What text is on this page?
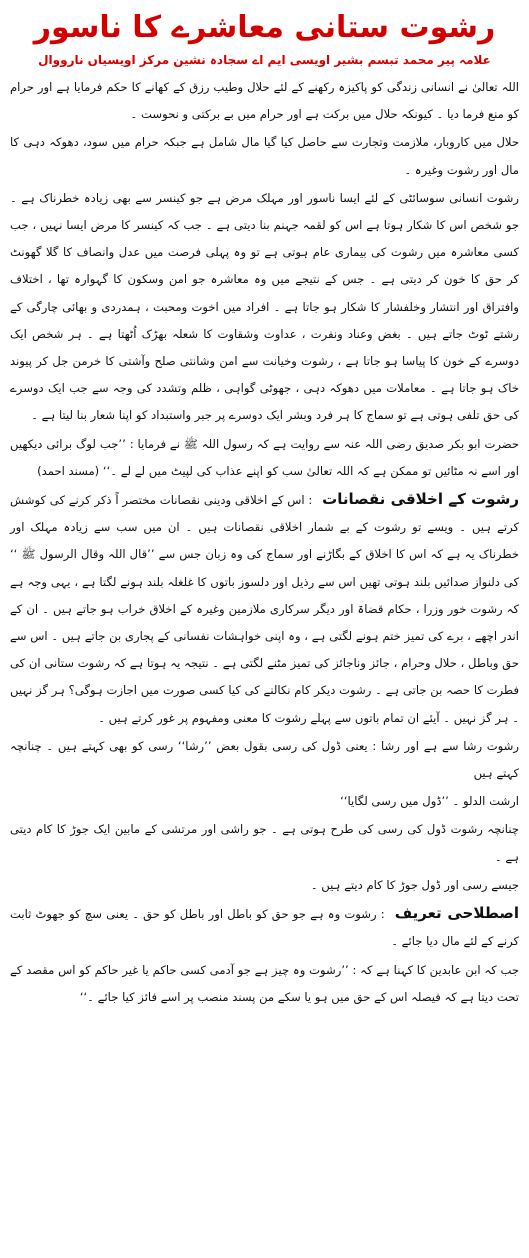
رشوت ستانی معاشرے کا ناسور
علامہ پیر محمد تبسم بشیر اویسی ایم اے سجادہ نشین مرکز اویسیاں نارووال

اللہ تعالیٰ نے انسانی زندگی کو پاکیزہ رکھنے کے لئے حلال وطیب رزق کے کھانے کا حکم فرمایا ہے اور حرام کو منع فرما دیا ۔ کیونکہ حلال میں برکت ہے اور حرام میں بے برکتی و نحوست ۔

حلال میں کاروبار، ملازمت وتجارت سے حاصل کیا گیا مال شامل ہے جبکہ حرام میں سود، دھوکہ دہی کا مال اور رشوت وغیرہ ۔

رشوت انسانی سوسائٹی کے لئے ایسا ناسور اور مہلک مرض ہے جو کینسر سے بھی زیادہ خطرناک ہے ۔ جو شخص اس کا شکار ہوتا ہے اس کو لقمہ جہنم بنا دیتی ہے ۔ جب کہ کینسر کا مرض ایسا نہیں ، جب کسی معاشرہ میں رشوت کی بیماری عام ہوتی ہے تو وہ پہلی فرصت میں عدل وانصاف کا گلا گھونٹ کر حق کا خون کر دیتی ہے ۔ جس کے نتیجے میں وہ معاشرہ جو امن وسکون کا گہوارہ تھا ، اختلاف وافتراق اور انتشار وخلفشار کا شکار ہو جاتا ہے ۔ افراد میں اخوت ومحبت ، ہمدردی و بھائی چارگی کے رشتے ٹوٹ جاتے ہیں ۔ بغض وعناد ونفرت ، عداوت وشقاوت کا شعلہ بھڑک اُٹھتا ہے ۔ ہر شخص ایک دوسرے کے خون کا پیاسا ہو جاتا ہے ، رشوت وخیانت سے امن وشانتی صلح وآشتی کا خرمن جل کر پیوند خاک ہو جاتا ہے ۔ معاملات میں دھوکہ دہی ، جھوٹی گواہی ، ظلم وتشدد کی وجہ سے جب ایک دوسرے کی حق تلفی ہوتی ہے تو سماج کا ہر فرد وبشر ایک دوسرے پر جبر واستبداد کو اپنا شعار بنا لیتا ہے ۔

حضرت ابو بکر صدیق رضی اللہ عنہ سے روایت ہے کہ رسول اللہ ﷺ نے فرمایا : ’’جب لوگ برائی دیکھیں اور اسے نہ مٹائیں تو ممکن ہے کہ اللہ تعالیٰ سب کو اپنے عذاب کی لپیٹ میں لے لے ۔‘‘ (مسند احمد)

رشوت کے اخلاقی نقصانات : اس کے اخلاقی ودینی نقصانات مختصر اً ذکر کرنے کی کوشش کرتے ہیں ۔ ویسے تو رشوت کے بے شمار اخلاقی نقصانات ہیں ۔ ان میں سب سے زیادہ مہلک اور خطرناک یہ ہے کہ اس کا اخلاق کے بگاڑنے اور سماج کی وہ زبان جس سے ’’قال اللہ وقال الرسول ﷺ ‘‘ کی دلنواز صدائیں بلند ہوتی تھیں اس سے رذیل اور دلسوز باتوں کا غلغلہ بلند ہونے لگتا ہے ، یہی وجہ ہے کہ رشوت خور وزرا ، حکام قضاۃ اور دیگر سرکاری ملازمین وغیرہ کے اخلاق خراب ہو جاتے ہیں ۔ ان کے اندر اچھے ، برے کی تمیز ختم ہونے لگتی ہے ، وہ اپنی خواہشات نفسانی کے پجاری بن جاتے ہیں ۔ اس سے حق وباطل ، حلال وحرام ، جائز وناجائز کی تمیز مٹنے لگتی ہے ۔ نتیجہ یہ ہوتا ہے کہ رشوت ستانی ان کی فطرت کا حصہ بن جاتی ہے ۔ رشوت دیکر کام نکالنے کی کیا کسی صورت میں اجازت ہوگی؟ ہر گز نہیں ۔ ہر گز نہیں ۔ آیئے ان تمام باتوں سے پہلے رشوت کا معنی ومفہوم پر غور کرتے ہیں ۔

رشوت رشا سے ہے اور رشا : یعنی ڈول کی رسی بقول بعض ’’رشا‘‘ رسی کو بھی کہتے ہیں ۔ چنانچہ کہتے ہیں

ارشت الدلو ۔ ’’ڈول میں رسی لگایا‘‘

چنانچہ رشوت ڈول کی رسی کی طرح ہوتی ہے ۔ جو راشی اور مرتشی کے مابین ایک جوڑ کا کام دیتی ہے ۔

جیسے رسی اور ڈول جوڑ کا کام دیتے ہیں ۔

اصطلاحی تعریف : رشوت وہ ہے جو حق کو باطل اور باطل کو حق ۔ یعنی سچ کو جھوٹ ثابت کرنے کے لئے مال دیا جائے ۔

جب کہ ابن عابدین کا کہنا ہے کہ : ’’رشوت وہ چیز ہے جو آدمی کسی حاکم یا غیر حاکم کو اس مقصد کے تحت دیتا ہے کہ فیصلہ اس کے حق میں ہو یا سکے من پسند منصب پر اسے فائز کیا جائے ۔‘‘
